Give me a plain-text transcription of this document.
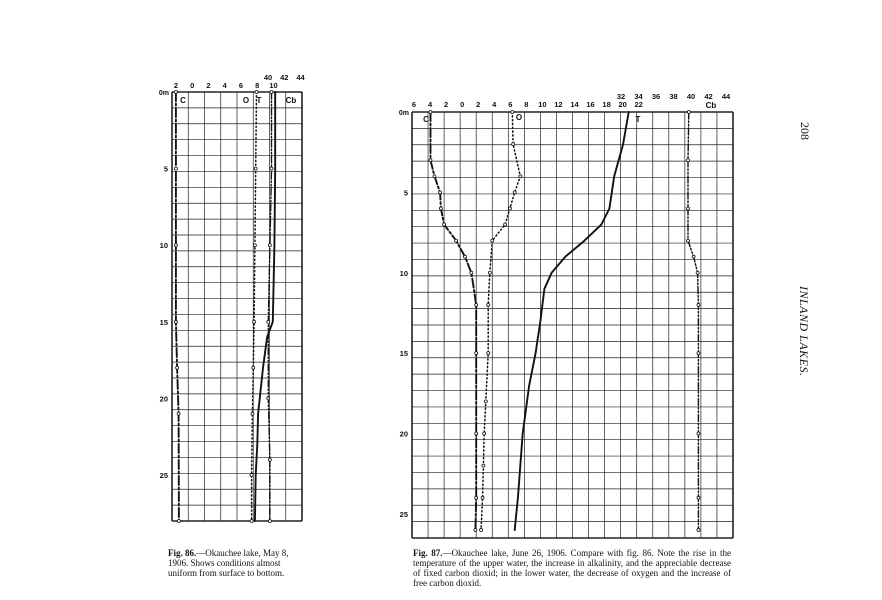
0m
5
10
15
20
25
2 0 2 4 6 8 10
40 42 44
C	O T	Cb
0m
5
10
15
20
25
6 4 2 0 2 4 6 8 10 12 14 16 18 20 22
32 34 36 38 40 42 44
C	O	T
Cb
Fig. 86.—Okauchee lake, May 8, 1906. Shows conditions almost uniform from surface to bottom.
Fig. 87.—Okauchee lake, June 26, 1906. Compare with fig. 86. Note the rise in the temperature of the upper water, the increase in alkalinity, and the appreciable decrease of fixed carbon dioxid; in the lower water, the decrease of oxygen and the increase of free carbon dioxid.
208
INLAND LAKES.
